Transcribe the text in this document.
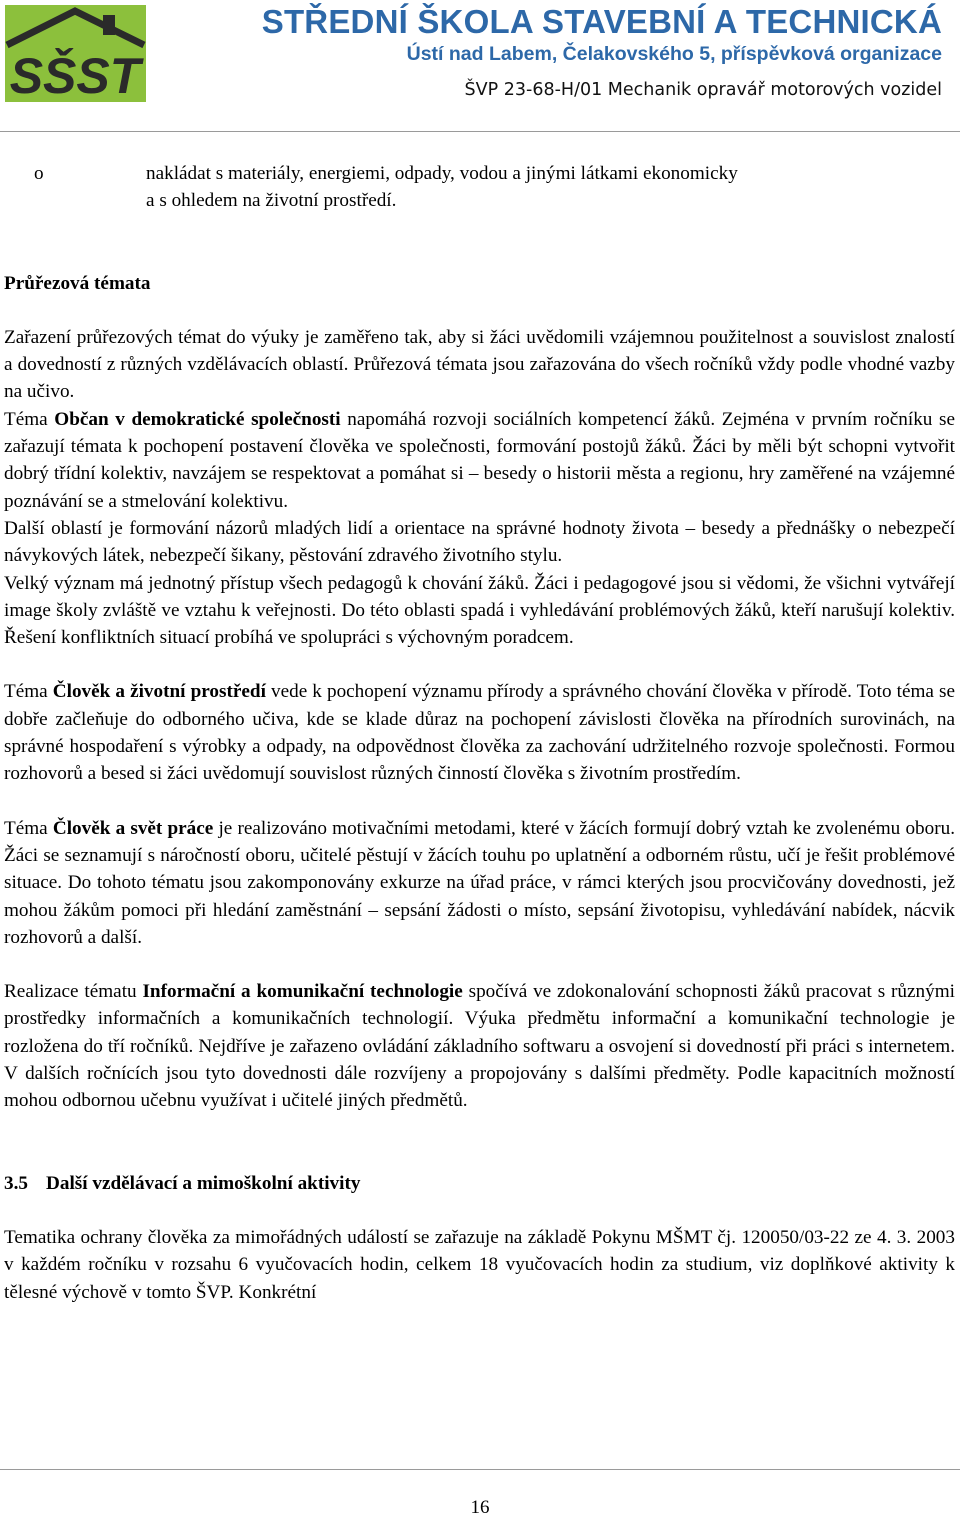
SŠST

STŘEDNÍ ŠKOLA STAVEBNÍ A TECHNICKÁ

Ústí nad Labem, Čelakovského 5, příspěvková organizace

ŠVP 23-68-H/01 Mechanik opravář motorových vozidel

o	nakládat s materiály, energiemi, odpady, vodou a jinými látkami ekonomicky
a s ohledem na životní prostředí.

Průřezová témata

Zařazení průřezových témat do výuky je zaměřeno tak, aby si žáci uvědomili vzájemnou použitelnost a souvislost znalostí a dovedností z různých vzdělávacích oblastí. Průřezová témata jsou zařazována do všech ročníků vždy podle vhodné vazby na učivo.

Téma Občan v demokratické společnosti napomáhá rozvoji sociálních kompetencí žáků. Zejména v prvním ročníku se zařazují témata k pochopení postavení člověka ve společnosti, formování postojů žáků. Žáci by měli být schopni vytvořit dobrý třídní kolektiv, navzájem se respektovat a pomáhat si – besedy o historii města a regionu, hry zaměřené na vzájemné poznávání se a stmelování kolektivu.

Další oblastí je formování názorů mladých lidí a orientace na správné hodnoty života – besedy a přednášky o nebezpečí návykových látek, nebezpečí šikany, pěstování zdravého životního stylu.

Velký význam má jednotný přístup všech pedagogů k chování žáků. Žáci i pedagogové jsou si vědomi, že všichni vytvářejí image školy zvláště ve vztahu k veřejnosti. Do této oblasti spadá i vyhledávání problémových žáků, kteří narušují kolektiv. Řešení konfliktních situací probíhá ve spolupráci s výchovným poradcem.

Téma Člověk a životní prostředí vede k pochopení významu přírody a správného chování člověka v přírodě. Toto téma se dobře začleňuje do odborného učiva, kde se klade důraz na pochopení závislosti člověka na přírodních surovinách, na správné hospodaření s výrobky a odpady, na odpovědnost člověka za zachování udržitelného rozvoje společnosti. Formou rozhovorů a besed si žáci uvědomují souvislost různých činností člověka s životním prostředím.

Téma Člověk a svět práce je realizováno motivačními metodami, které v žácích formují dobrý vztah ke zvolenému oboru. Žáci se seznamují s náročností oboru, učitelé pěstují v žácích touhu po uplatnění a odborném růstu, učí je řešit problémové situace. Do tohoto tématu jsou zakomponovány exkurze na úřad práce, v rámci kterých jsou procvičovány dovednosti, jež mohou žákům pomoci při hledání zaměstnání – sepsání žádosti o místo, sepsání životopisu, vyhledávání nabídek, nácvik rozhovorů a další.

Realizace tématu Informační a komunikační technologie spočívá ve zdokonalování schopnosti žáků pracovat s různými prostředky informačních a komunikačních technologií. Výuka předmětu informační a komunikační technologie je rozložena do tří ročníků. Nejdříve je zařazeno ovládání základního softwaru a osvojení si dovedností při práci s internetem. V dalších ročnících jsou tyto dovednosti dále rozvíjeny a propojovány s dalšími předměty. Podle kapacitních možností mohou odbornou učebnu využívat i učitelé jiných předmětů.

3.5 Další vzdělávací a mimoškolní aktivity

Tematika ochrany člověka za mimořádných událostí se zařazuje na základě Pokynu MŠMT čj. 120050/03-22 ze 4. 3. 2003 v každém ročníku v rozsahu 6 vyučovacích hodin, celkem 18 vyučovacích hodin za studium, viz doplňkové aktivity k tělesné výchově v tomto ŠVP. Konkrétní

16
